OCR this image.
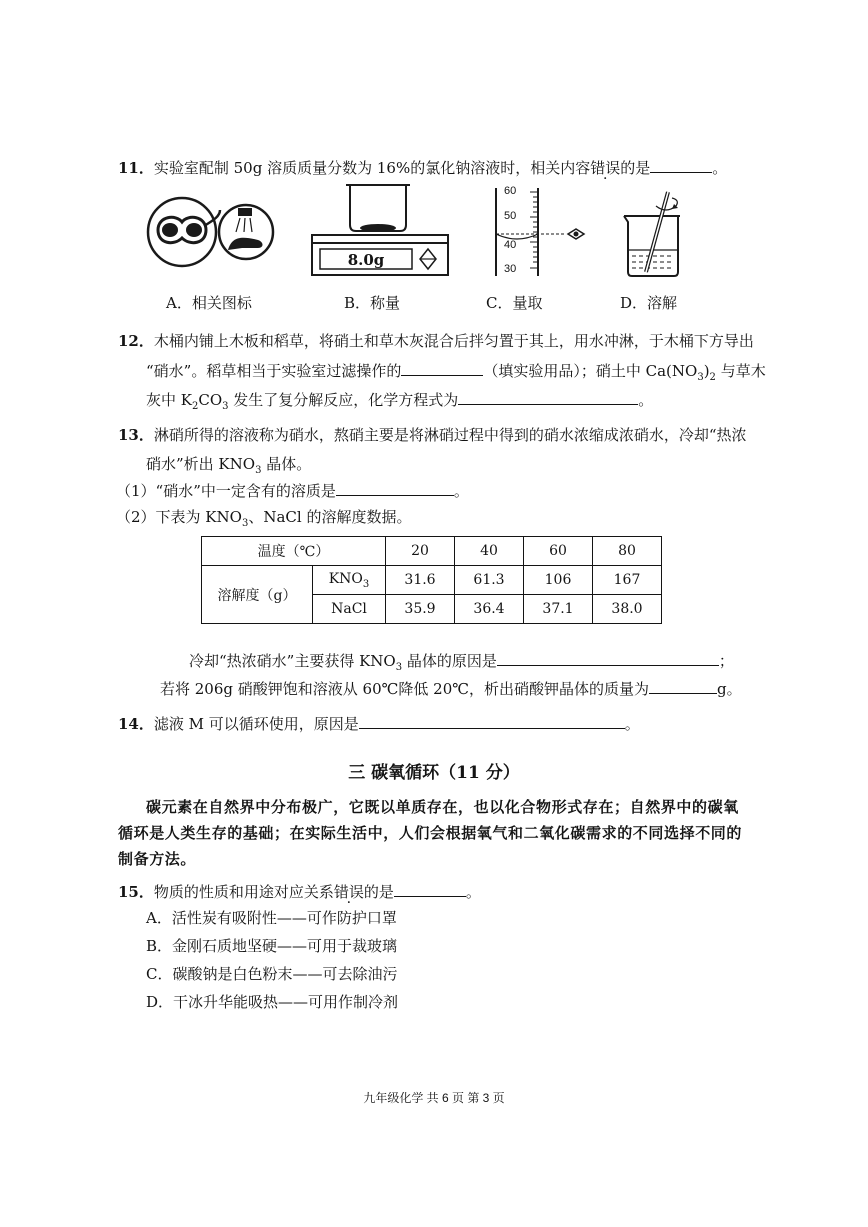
11．实验室配制 50g 溶质质量分数为 16%的氯化钠溶液时，相关内容错误的是	。
8.0g
60
50
40
30
A．相关图标	B．称量	C．量取	D．溶解
12．木桶内铺上木板和稻草，将硝土和草木灰混合后拌匀置于其上，用水冲淋，于木桶下方导出
“硝水”。稻草相当于实验室过滤操作的	（填实验用品）；硝土中 $Ca(NO_3)_2$ 与草木
灰中 $K_2CO_3$ 发生了复分解反应，化学方程式为	。
13．淋硝所得的溶液称为硝水，熬硝主要是将淋硝过程中得到的硝水浓缩成浓硝水，冷却“热浓
硝水”析出 $KNO_3$ 晶体。
（1）“硝水”中一定含有的溶质是	。
（2）下表为 $KNO_3$、NaCl 的溶解度数据。
温度（℃）		20	40	60	80
溶解度（g）	$KNO_3$	31.6	61.3	106	167
	NaCl	35.9	36.4	37.1	38.0
冷却“热浓硝水”主要获得 $KNO_3$ 晶体的原因是	；
若将 206g 硝酸钾饱和溶液从 60℃降低 20℃，析出硝酸钾晶体的质量为	g。
14．滤液 M 可以循环使用，原因是	。
三 碳氧循环（11 分）
碳元素在自然界中分布极广，它既以单质存在，也以化合物形式存在；自然界中的碳氧
循环是人类生存的基础；在实际生活中，人们会根据氧气和二氧化碳需求的不同选择不同的
制备方法。
15．物质的性质和用途对应关系错误的是	。
A．活性炭有吸附性——可作防护口罩
B．金刚石质地坚硬——可用于裁玻璃
C．碳酸钠是白色粉末——可去除油污
D．干冰升华能吸热——可用作制冷剂
九年级化学 共 6 页 第 3 页
